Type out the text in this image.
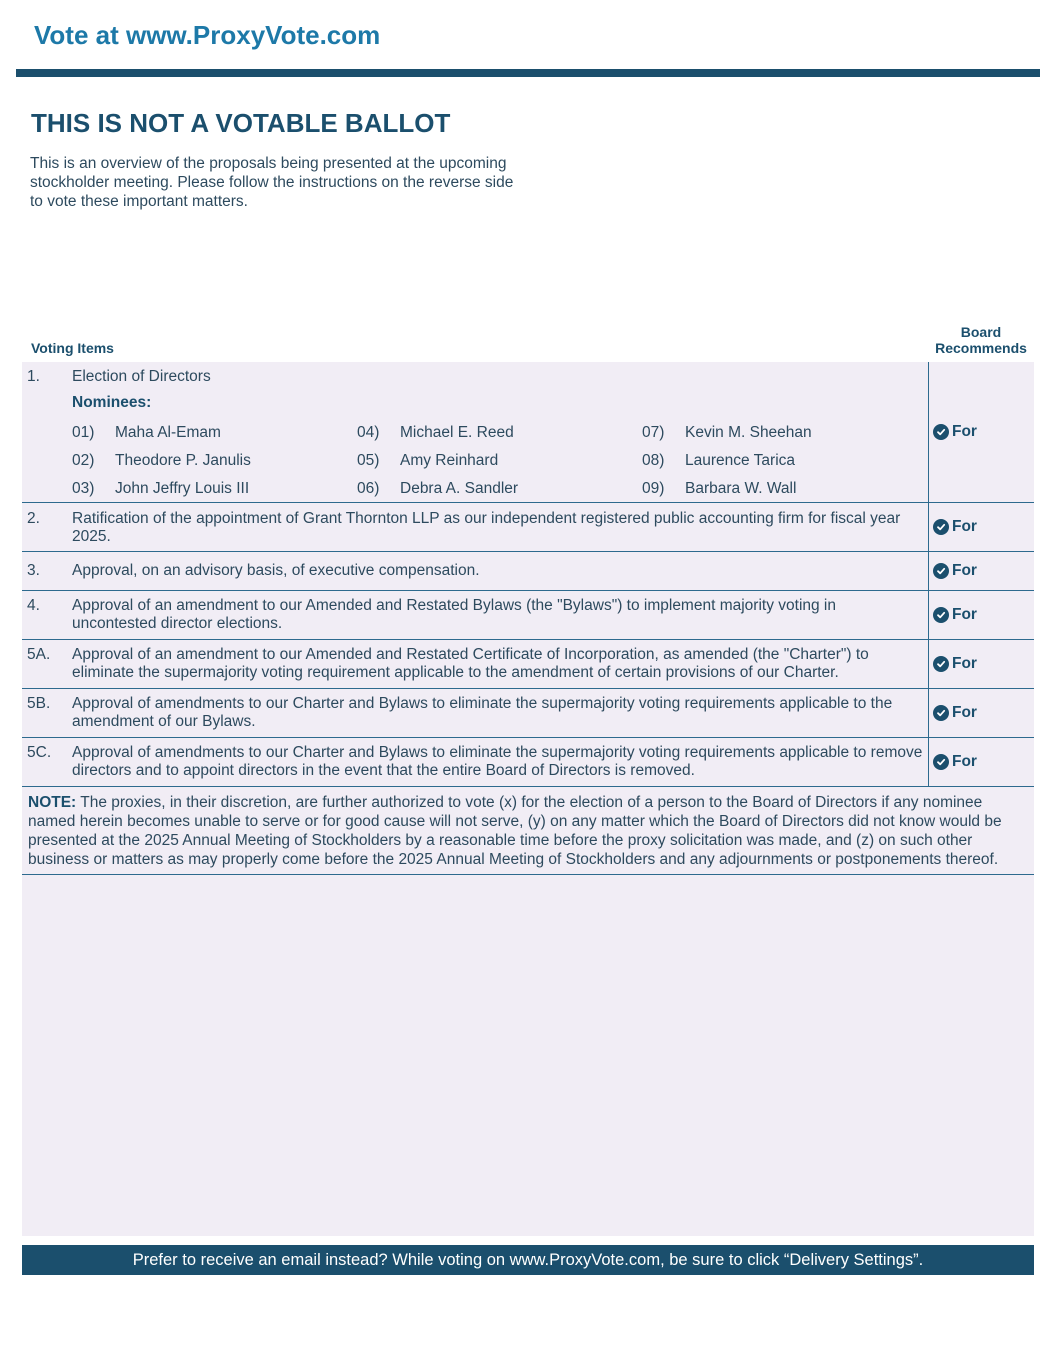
Vote at www.ProxyVote.com
THIS IS NOT A VOTABLE BALLOT
This is an overview of the proposals being presented at the upcoming stockholder meeting. Please follow the instructions on the reverse side to vote these important matters.
Voting Items
Board
Recommends
1. Election of Directors
Nominees:
01) Maha Al-Emam
02) Theodore P. Janulis
03) John Jeffry Louis III
04) Michael E. Reed
05) Amy Reinhard
06) Debra A. Sandler
07) Kevin M. Sheehan
08) Laurence Tarica
09) Barbara W. Wall
For
2. Ratification of the appointment of Grant Thornton LLP as our independent registered public accounting firm for fiscal year 2025.
For
3. Approval, on an advisory basis, of executive compensation.	For
4. Approval of an amendment to our Amended and Restated Bylaws (the "Bylaws") to implement majority voting in uncontested director elections.
For
5A. Approval of an amendment to our Amended and Restated Certificate of Incorporation, as amended (the "Charter") to eliminate the supermajority voting requirement applicable to the amendment of certain provisions of our Charter.
For
5B. Approval of amendments to our Charter and Bylaws to eliminate the supermajority voting requirements applicable to the amendment of our Bylaws.
For
5C. Approval of amendments to our Charter and Bylaws to eliminate the supermajority voting requirements applicable to remove directors and to appoint directors in the event that the entire Board of Directors is removed.
For
NOTE: The proxies, in their discretion, are further authorized to vote (x) for the election of a person to the Board of Directors if any nominee named herein becomes unable to serve or for good cause will not serve, (y) on any matter which the Board of Directors did not know would be presented at the 2025 Annual Meeting of Stockholders by a reasonable time before the proxy solicitation was made, and (z) on such other business or matters as may properly come before the 2025 Annual Meeting of Stockholders and any adjournments or postponements thereof.
Prefer to receive an email instead? While voting on www.ProxyVote.com, be sure to click “Delivery Settings”.
